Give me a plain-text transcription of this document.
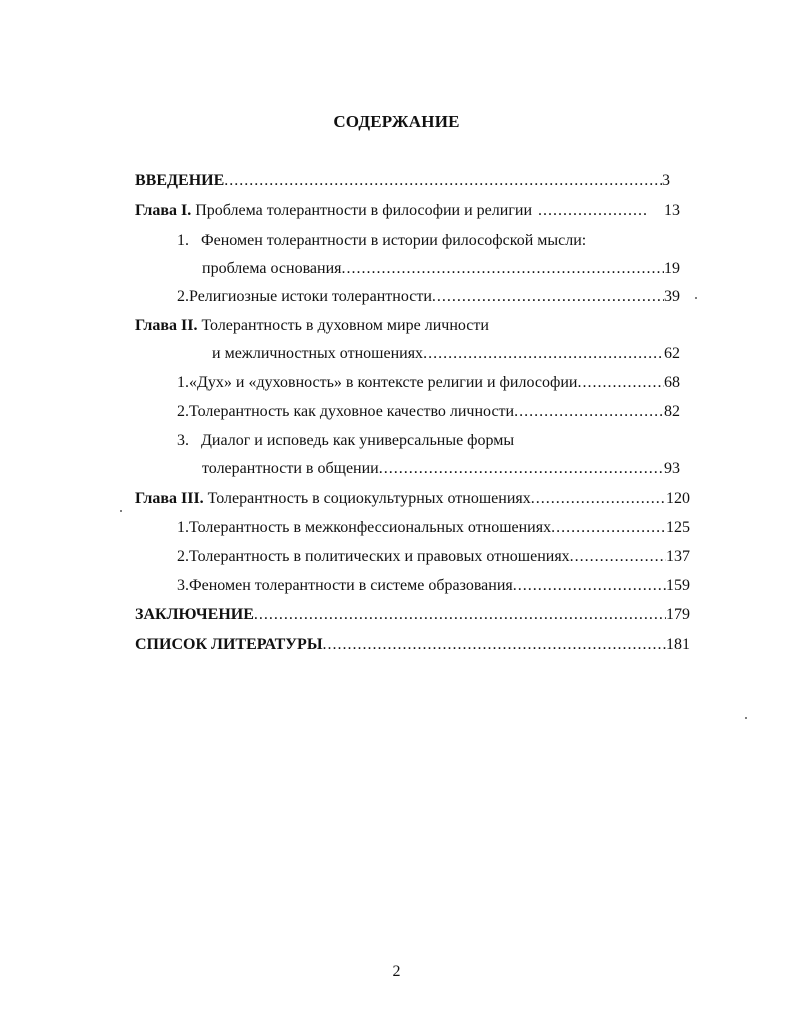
СОДЕРЖАНИЕ
ВВЕДЕНИЕ .....	3
Глава I. Проблема толерантности в философии и религии .....	13
1. Феномен толерантности в истории философской мысли:
проблема основания .....	19
2. Религиозные истоки толерантности .....	39
Глава II. Толерантность в духовном мире личности
и межличностных отношениях .....	62
1. «Дух» и «духовность» в контексте религии и философии .....	68
2. Толерантность как духовное качество личности .....	82
3. Диалог и исповедь как универсальные формы
толерантности в общении .....	93
Глава III. Толерантность в социокультурных отношениях .....	120
1. Толерантность в межконфессиональных отношениях .....	125
2. Толерантность в политических и правовых отношениях .....	137
3. Феномен толерантности в системе образования .....	159
ЗАКЛЮЧЕНИЕ .....	179
СПИСОК ЛИТЕРАТУРЫ .....	181
2
